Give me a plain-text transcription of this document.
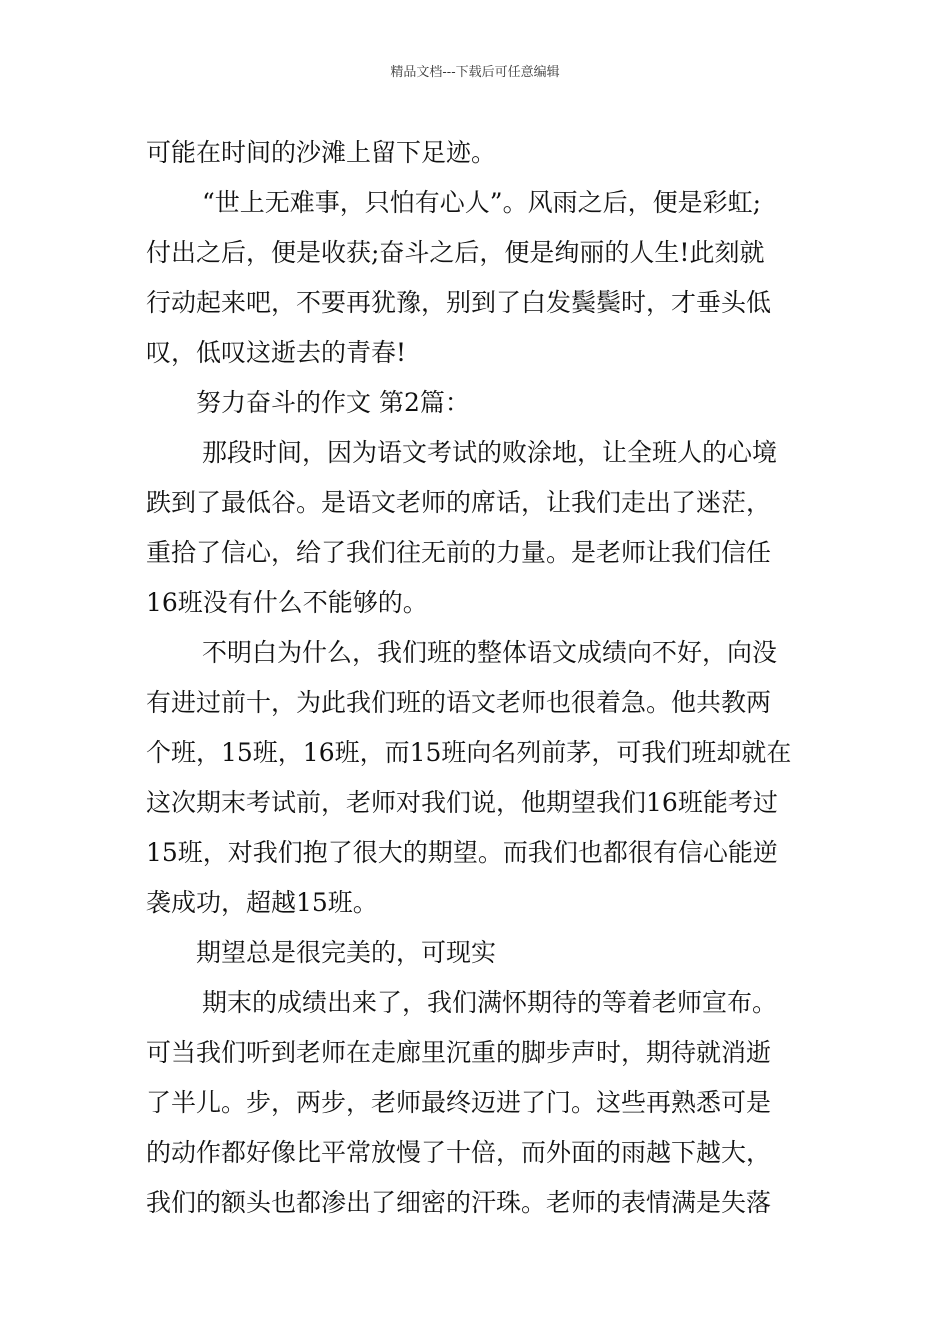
精品文档---下载后可任意编辑
可能在时间的沙滩上留下足迹。
“世上无难事，只怕有心人”。风雨之后，便是彩虹;
付出之后，便是收获;奋斗之后，便是绚丽的人生!此刻就
行动起来吧，不要再犹豫，别到了白发鬓鬓时，才垂头低
叹，低叹这逝去的青春!
努力奋斗的作文 第2篇：
那段时间，因为语文考试的败涂地，让全班人的心境
跌到了最低谷。是语文老师的席话，让我们走出了迷茫，
重拾了信心，给了我们往无前的力量。是老师让我们信任
16班没有什么不能够的。
不明白为什么，我们班的整体语文成绩向不好，向没
有进过前十，为此我们班的语文老师也很着急。他共教两
个班，15班，16班，而15班向名列前茅，可我们班却就在
这次期末考试前，老师对我们说，他期望我们16班能考过
15班，对我们抱了很大的期望。而我们也都很有信心能逆
袭成功，超越15班。
期望总是很完美的，可现实
期末的成绩出来了，我们满怀期待的等着老师宣布。
可当我们听到老师在走廊里沉重的脚步声时，期待就消逝
了半儿。步，两步，老师最终迈进了门。这些再熟悉可是
的动作都好像比平常放慢了十倍，而外面的雨越下越大，
我们的额头也都渗出了细密的汗珠。老师的表情满是失落
